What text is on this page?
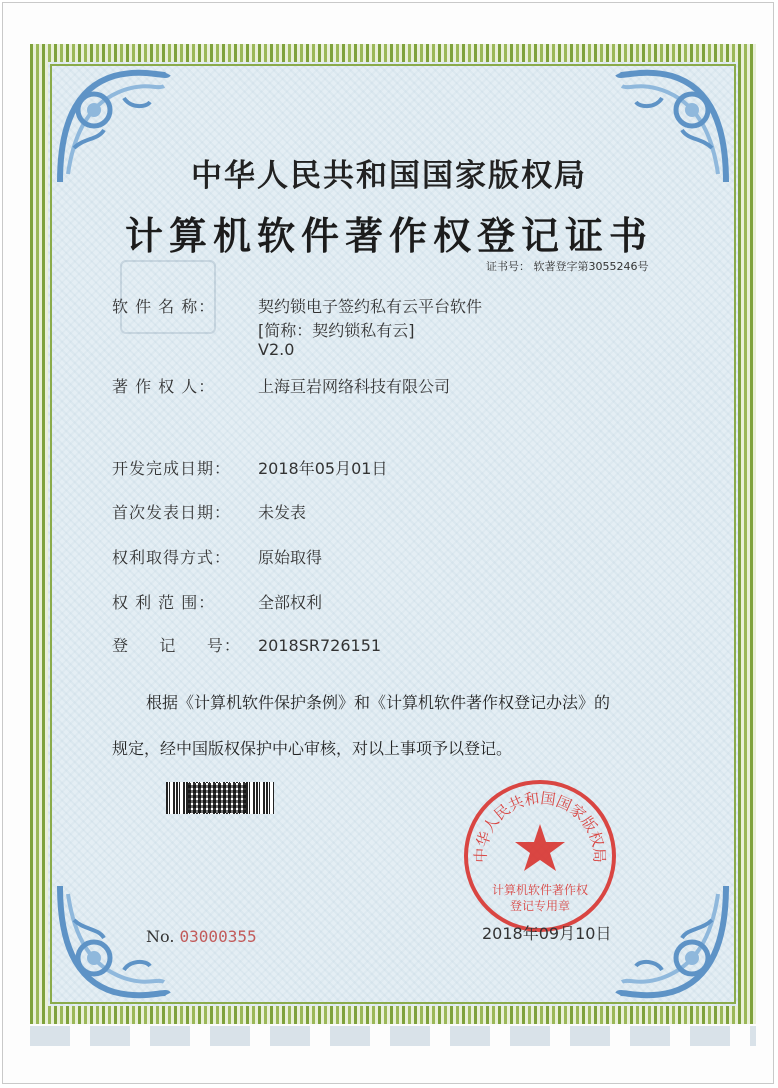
中华人民共和国国家版权局
计算机软件著作权登记证书
证书号： 软著登字第3055246号
软 件 名 称：	契约锁电子签约私有云平台软件
[简称：契约锁私有云]
V2.0
著 作 权 人：	上海亘岩网络科技有限公司
开发完成日期： 2018年05月01日
首次发表日期： 未发表
权利取得方式： 原始取得
权 利 范 围：	全部权利
登     记     号： 2018SR726151
根据《计算机软件保护条例》和《计算机软件著作权登记办法》的
规定，经中国版权保护中心审核，对以上事项予以登记。
中华人民共和国国家版权局
计算机软件著作权
登记专用章
No. 03000355	2018年09月10日
